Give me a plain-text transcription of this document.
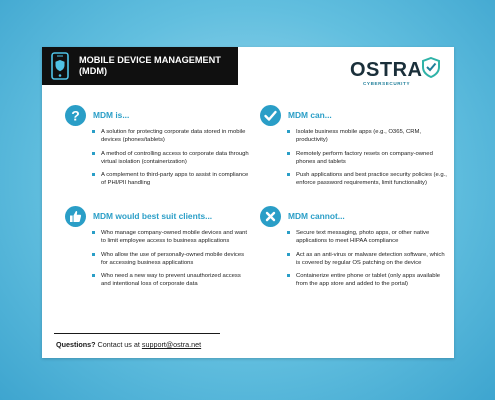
MOBILE DEVICE MANAGEMENT (MDM)	OSTRA
CYBERSECURITY
? MDM is...
A solution for protecting corporate data stored in mobile devices (phones/tablets)
A method of controlling access to corporate data through virtual isolation (containerization)
A complement to third-party apps to assist in compliance of PHI/PII handling
MDM can...
Isolate business mobile apps (e.g., O365, CRM, productivity)
Remotely perform factory resets on company-owned phones and tablets
Push applications and best practice security policies (e.g., enforce password requirements, limit functionality)
MDM would best suit clients...
Who manage company-owned mobile devices and want to limit employee access to business applications
Who allow the use of personally-owned mobile devices for accessing business applications
Who need a new way to prevent unauthorized access and intentional loss of corporate data
MDM cannot...
Secure text messaging, photo apps, or other native applications to meet HIPAA compliance
Act as an anti-virus or malware detection software, which is covered by regular OS patching on the device
Containerize entire phone or tablet (only apps available from the app store and added to the portal)
Questions? Contact us at support@ostra.net
